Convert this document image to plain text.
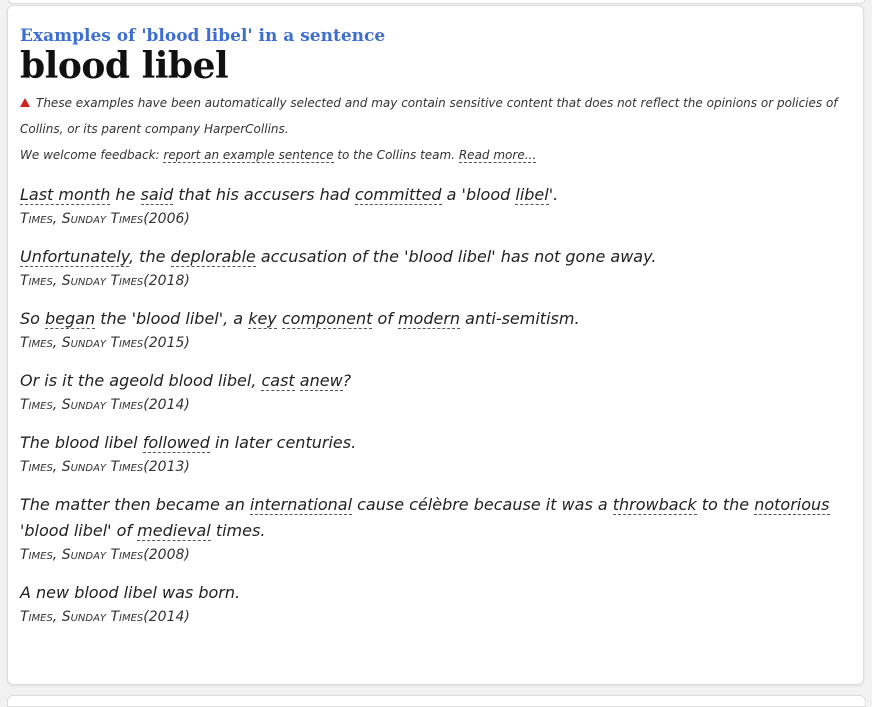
Examples of 'blood libel' in a sentence
blood libel
These examples have been automatically selected and may contain sensitive content that does not reflect the opinions or policies of Collins, or its parent company HarperCollins.
We welcome feedback: report an example sentence to the Collins team. Read more...
Last month he said that his accusers had committed a 'blood libel'.
Times, Sunday Times(2006)
Unfortunately, the deplorable accusation of the 'blood libel' has not gone away.
Times, Sunday Times(2018)
So began the 'blood libel', a key component of modern anti-semitism.
Times, Sunday Times(2015)
Or is it the ageold blood libel, cast anew?
Times, Sunday Times(2014)
The blood libel followed in later centuries.
Times, Sunday Times(2013)
The matter then became an international cause célèbre because it was a throwback to the notorious 'blood libel' of medieval times.
Times, Sunday Times(2008)
A new blood libel was born.
Times, Sunday Times(2014)
